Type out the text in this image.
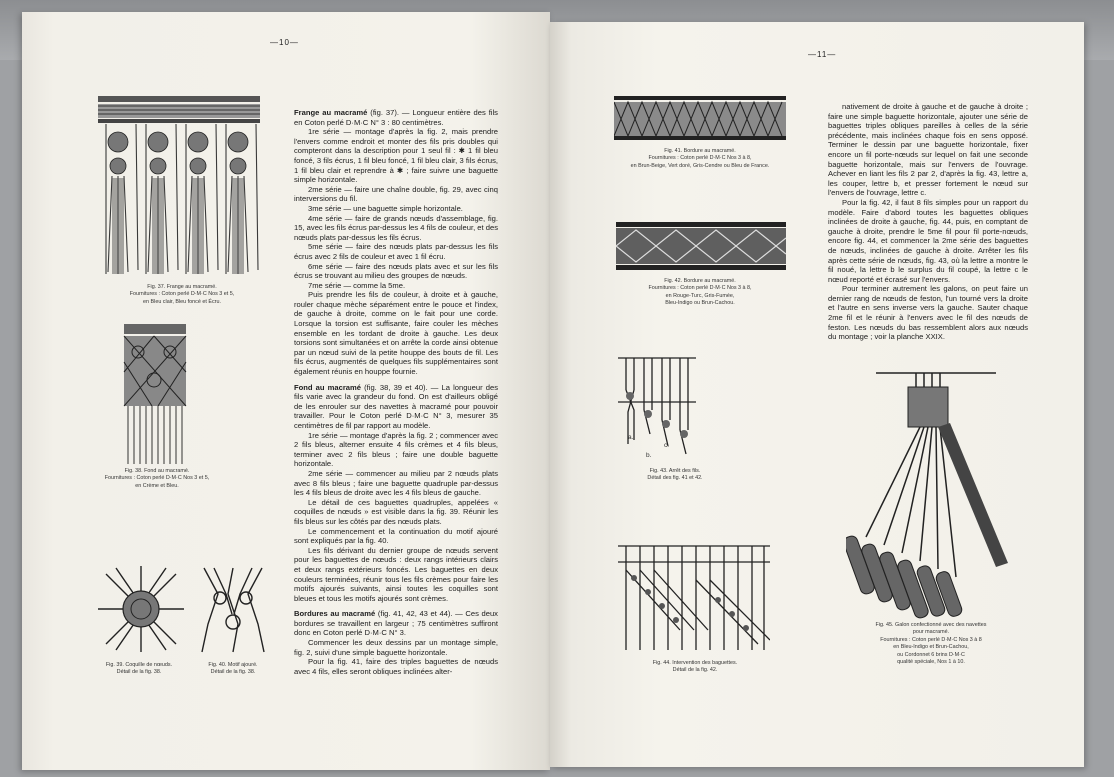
—10—
Fig. 37. Frange au macramé.
Fournitures : Coton perlé D·M·C Nos 3 et 5,
en Bleu clair, Bleu foncé et Écru.
Fig. 38. Fond au macramé.
Fournitures : Coton perlé D·M·C Nos 3 et 5,
en Crème et Bleu.
Fig. 39. Coquille de nœuds.
Détail de la fig. 38.
Fig. 40. Motif ajouré.
Détail de la fig. 38.

Frange au macramé (fig. 37). — Longueur entière des fils en Coton perlé D·M·C N° 3 : 80 centimètres.

1re série — montage d'après la fig. 2, mais prendre l'envers comme endroit et monter des fils pris doubles qui compteront dans la description pour 1 seul fil : ✱ 1 fil bleu foncé, 3 fils écrus, 1 fil bleu foncé, 1 fil bleu clair, 3 fils écrus, 1 fil bleu clair et reprendre à ✱ ; faire suivre une baguette simple horizontale.

2me série — faire une chaîne double, fig. 29, avec cinq interversions du fil.

3me série — une baguette simple horizontale.

4me série — faire de grands nœuds d'assemblage, fig. 15, avec les fils écrus par-dessus les 4 fils de couleur, et des nœuds plats par-dessus les fils écrus.

5me série — faire des nœuds plats par-dessus les fils écrus avec 2 fils de couleur et avec 1 fil écru.

6me série — faire des nœuds plats avec et sur les fils écrus se trouvant au milieu des groupes de nœuds.

7me série — comme la 5me.

Puis prendre les fils de couleur, à droite et à gauche, rouler chaque mèche séparément entre le pouce et l'index, de gauche à droite, comme on le fait pour une corde. Lorsque la torsion est suffisante, faire couler les mèches ensemble en les tordant de droite à gauche. Les deux torsions sont simultanées et on arrête la corde ainsi obtenue par un nœud suivi de la petite houppe des bouts de fil. Les fils écrus, augmentés de quelques fils supplémentaires sont également réunis en houppe fournie.

Fond au macramé (fig. 38, 39 et 40). — La longueur des fils varie avec la grandeur du fond. On est d'ailleurs obligé de les enrouler sur des navettes à macramé pour pouvoir travailler. Pour le Coton perlé D·M·C N° 3, mesurer 35 centimètres de fil par rapport au modèle.

1re série — montage d'après la fig. 2 ; commencer avec 2 fils bleus, alterner ensuite 4 fils crèmes et 4 fils bleus, terminer avec 2 fils bleus ; faire une double baguette horizontale.

2me série — commencer au milieu par 2 nœuds plats avec 8 fils bleus ; faire une baguette quadruple par-dessus les 4 fils bleus de droite avec les 4 fils bleus de gauche.

Le détail de ces baguettes quadruples, appelées « coquilles de nœuds » est visible dans la fig. 39. Réunir les fils bleus sur les côtés par des nœuds plats.

Le commencement et la continuation du motif ajouré sont expliqués par la fig. 40.

Les fils dérivant du dernier groupe de nœuds servent pour les baguettes de nœuds : deux rangs intérieurs clairs et deux rangs extérieurs foncés. Les baguettes en deux couleurs terminées, réunir tous les fils crèmes pour faire les motifs ajourés suivants, ainsi toutes les coquilles sont bleues et tous les motifs ajourés sont crèmes.

Bordures au macramé (fig. 41, 42, 43 et 44). — Ces deux bordures se travaillent en largeur ; 75 centimètres suffiront donc en Coton perlé D·M·C N° 3.

Commencer les deux dessins par un montage simple, fig. 2, suivi d'une simple baguette horizontale.

Pour la fig. 41, faire des triples baguettes de nœuds avec 4 fils, elles seront obliques inclinées alter-

—11—
Fig. 41. Bordure au macramé.
Fournitures : Coton perlé D·M·C Nos 3 à 8,
en Brun-Beige, Vert doré, Gris-Cendre ou Bleu de France.
Fig. 42. Bordure au macramé.
Fournitures : Coton perlé D·M·C Nos 3 à 8,
en Rouge-Turc, Gris-Fumée,
Bleu-Indigo ou Brun-Cachou.
a.
b.
c.
Fig. 43. Arrêt des fils.
Détail des fig. 41 et 42.
Fig. 44. Intervention des baguettes.
Détail de la fig. 42.
Fig. 45. Galon confectionné avec des navettes
pour macramé.
Fournitures : Coton perlé D·M·C Nos 3 à 8
en Bleu-Indigo et Brun-Cachou,
ou Cordonnet 6 brins D·M·C
qualité spéciale, Nos 1 à 10.

nativement de droite à gauche et de gauche à droite ; faire une simple baguette horizontale, ajouter une série de baguettes triples obliques pareilles à celles de la série précédente, mais inclinées chaque fois en sens opposé. Terminer le dessin par une baguette horizontale, fixer encore un fil porte-nœuds sur lequel on fait une seconde baguette horizontale, mais sur l'envers de l'ouvrage. Achever en liant les fils 2 par 2, d'après la fig. 43, lettre a, les couper, lettre b, et presser fortement le nœud sur l'envers de l'ouvrage, lettre c.

Pour la fig. 42, il faut 8 fils simples pour un rapport du modèle. Faire d'abord toutes les baguettes obliques inclinées de droite à gauche, fig. 44, puis, en comptant de gauche à droite, prendre le 5me fil pour fil porte-nœuds, encore fig. 44, et commencer la 2me série des baguettes de nœuds, inclinées de gauche à droite. Arrêter les fils après cette série de nœuds, fig. 43, où la lettre a montre le fil noué, la lettre b le surplus du fil coupé, la lettre c le nœud reporté et écrasé sur l'envers.

Pour terminer autrement les galons, on peut faire un dernier rang de nœuds de feston, l'un tourné vers la droite et l'autre en sens inverse vers la gauche. Sauter chaque 2me fil et le réunir à l'envers avec le fil des nœuds de feston. Les nœuds du bas ressemblent alors aux nœuds du montage ; voir la planche XXIX.
